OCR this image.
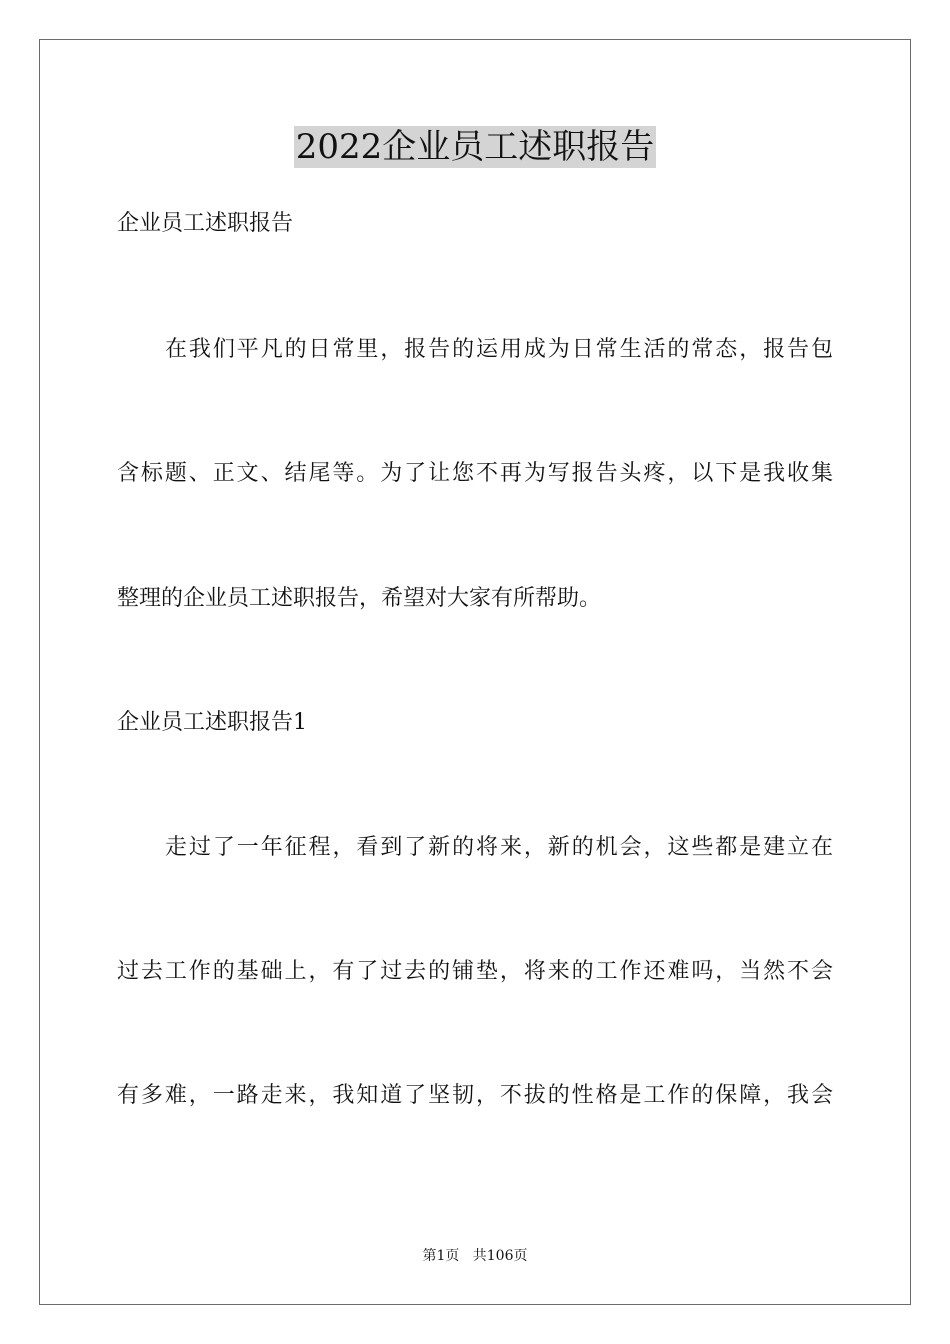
2022企业员工述职报告
企业员工述职报告
在我们平凡的日常里，报告的运用成为日常生活的常态，报告包
含标题、正文、结尾等。为了让您不再为写报告头疼，以下是我收集
整理的企业员工述职报告，希望对大家有所帮助。
企业员工述职报告1
走过了一年征程，看到了新的将来，新的机会，这些都是建立在
过去工作的基础上，有了过去的铺垫，将来的工作还难吗，当然不会
有多难，一路走来，我知道了坚韧，不拔的性格是工作的保障，我会
第1页   共106页
